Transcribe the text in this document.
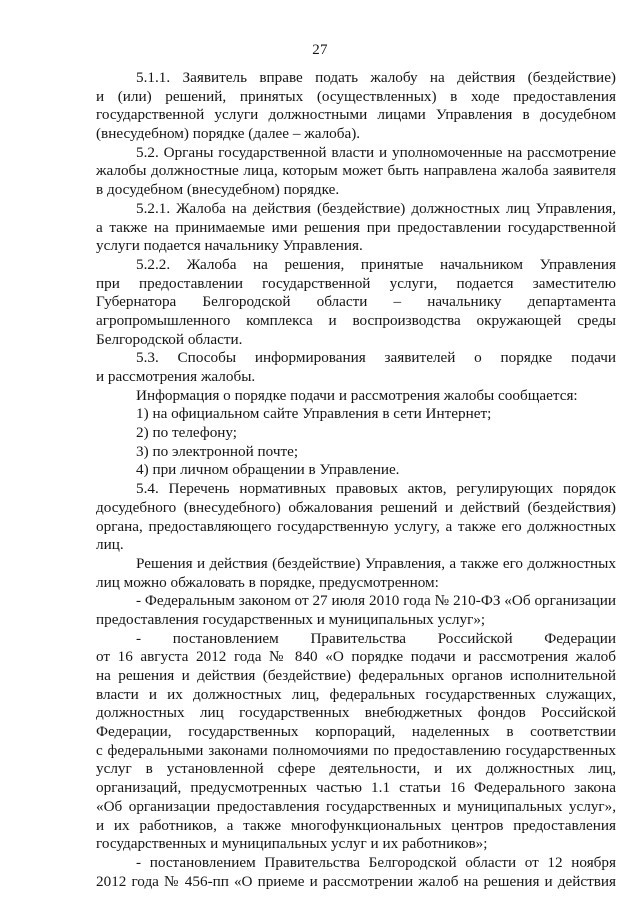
27
5.1.1. Заявитель вправе подать жалобу на действия (бездействие)
и (или) решений, принятых (осуществленных) в ходе предоставления
государственной услуги должностными лицами Управления в досудебном
(внесудебном) порядке (далее – жалоба).
5.2. Органы государственной власти и уполномоченные на рассмотрение
жалобы должностные лица, которым может быть направлена жалоба заявителя
в досудебном (внесудебном) порядке.
5.2.1. Жалоба на действия (бездействие) должностных лиц Управления,
а также на принимаемые ими решения при предоставлении государственной
услуги подается начальнику Управления.
5.2.2. Жалоба на решения, принятые начальником Управления
при предоставлении государственной услуги, подается заместителю
Губернатора Белгородской области – начальнику департамента
агропромышленного комплекса и воспроизводства окружающей среды
Белгородской области.
5.3. Способы информирования заявителей о порядке подачи
и рассмотрения жалобы.
Информация о порядке подачи и рассмотрения жалобы сообщается:
1) на официальном сайте Управления в сети Интернет;
2) по телефону;
3) по электронной почте;
4) при личном обращении в Управление.
5.4. Перечень нормативных правовых актов, регулирующих порядок
досудебного (внесудебного) обжалования решений и действий (бездействия)
органа, предоставляющего государственную услугу, а также его должностных
лиц.
Решения и действия (бездействие) Управления, а также его должностных
лиц можно обжаловать в порядке, предусмотренном:
- Федеральным законом от 27 июля 2010 года № 210-ФЗ «Об организации
предоставления государственных и муниципальных услуг»;
- постановлением Правительства Российской Федерации
от 16 августа 2012 года № 840 «О порядке подачи и рассмотрения жалоб
на решения и действия (бездействие) федеральных органов исполнительной
власти и их должностных лиц, федеральных государственных служащих,
должностных лиц государственных внебюджетных фондов Российской
Федерации, государственных корпораций, наделенных в соответствии
с федеральными законами полномочиями по предоставлению государственных
услуг в установленной сфере деятельности, и их должностных лиц,
организаций, предусмотренных частью 1.1 статьи 16 Федерального закона
«Об организации предоставления государственных и муниципальных услуг»,
и их работников, а также многофункциональных центров предоставления
государственных и муниципальных услуг и их работников»;
- постановлением Правительства Белгородской области от 12 ноября
2012 года № 456-пп «О приеме и рассмотрении жалоб на решения и действия
